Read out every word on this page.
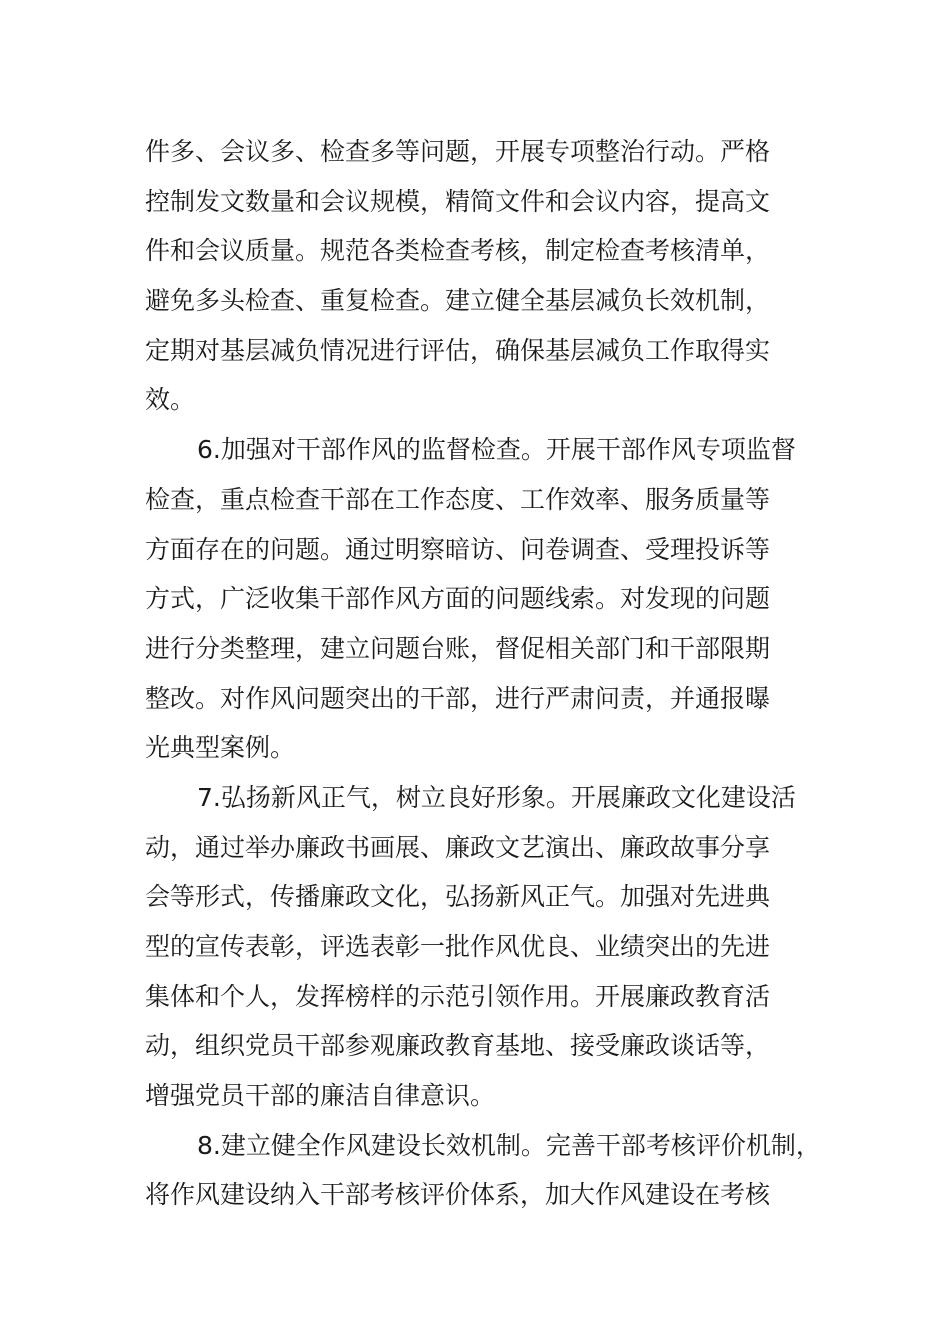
件多、会议多、检查多等问题，开展专项整治行动。严格
控制发文数量和会议规模，精简文件和会议内容，提高文
件和会议质量。规范各类检查考核，制定检查考核清单，
避免多头检查、重复检查。建立健全基层减负长效机制，
定期对基层减负情况进行评估，确保基层减负工作取得实
效。
6.加强对干部作风的监督检查。开展干部作风专项监督
检查，重点检查干部在工作态度、工作效率、服务质量等
方面存在的问题。通过明察暗访、问卷调查、受理投诉等
方式，广泛收集干部作风方面的问题线索。对发现的问题
进行分类整理，建立问题台账，督促相关部门和干部限期
整改。对作风问题突出的干部，进行严肃问责，并通报曝
光典型案例。
7.弘扬新风正气，树立良好形象。开展廉政文化建设活
动，通过举办廉政书画展、廉政文艺演出、廉政故事分享
会等形式，传播廉政文化，弘扬新风正气。加强对先进典
型的宣传表彰，评选表彰一批作风优良、业绩突出的先进
集体和个人，发挥榜样的示范引领作用。开展廉政教育活
动，组织党员干部参观廉政教育基地、接受廉政谈话等，
增强党员干部的廉洁自律意识。
8.建立健全作风建设长效机制。完善干部考核评价机制，
将作风建设纳入干部考核评价体系，加大作风建设在考核
